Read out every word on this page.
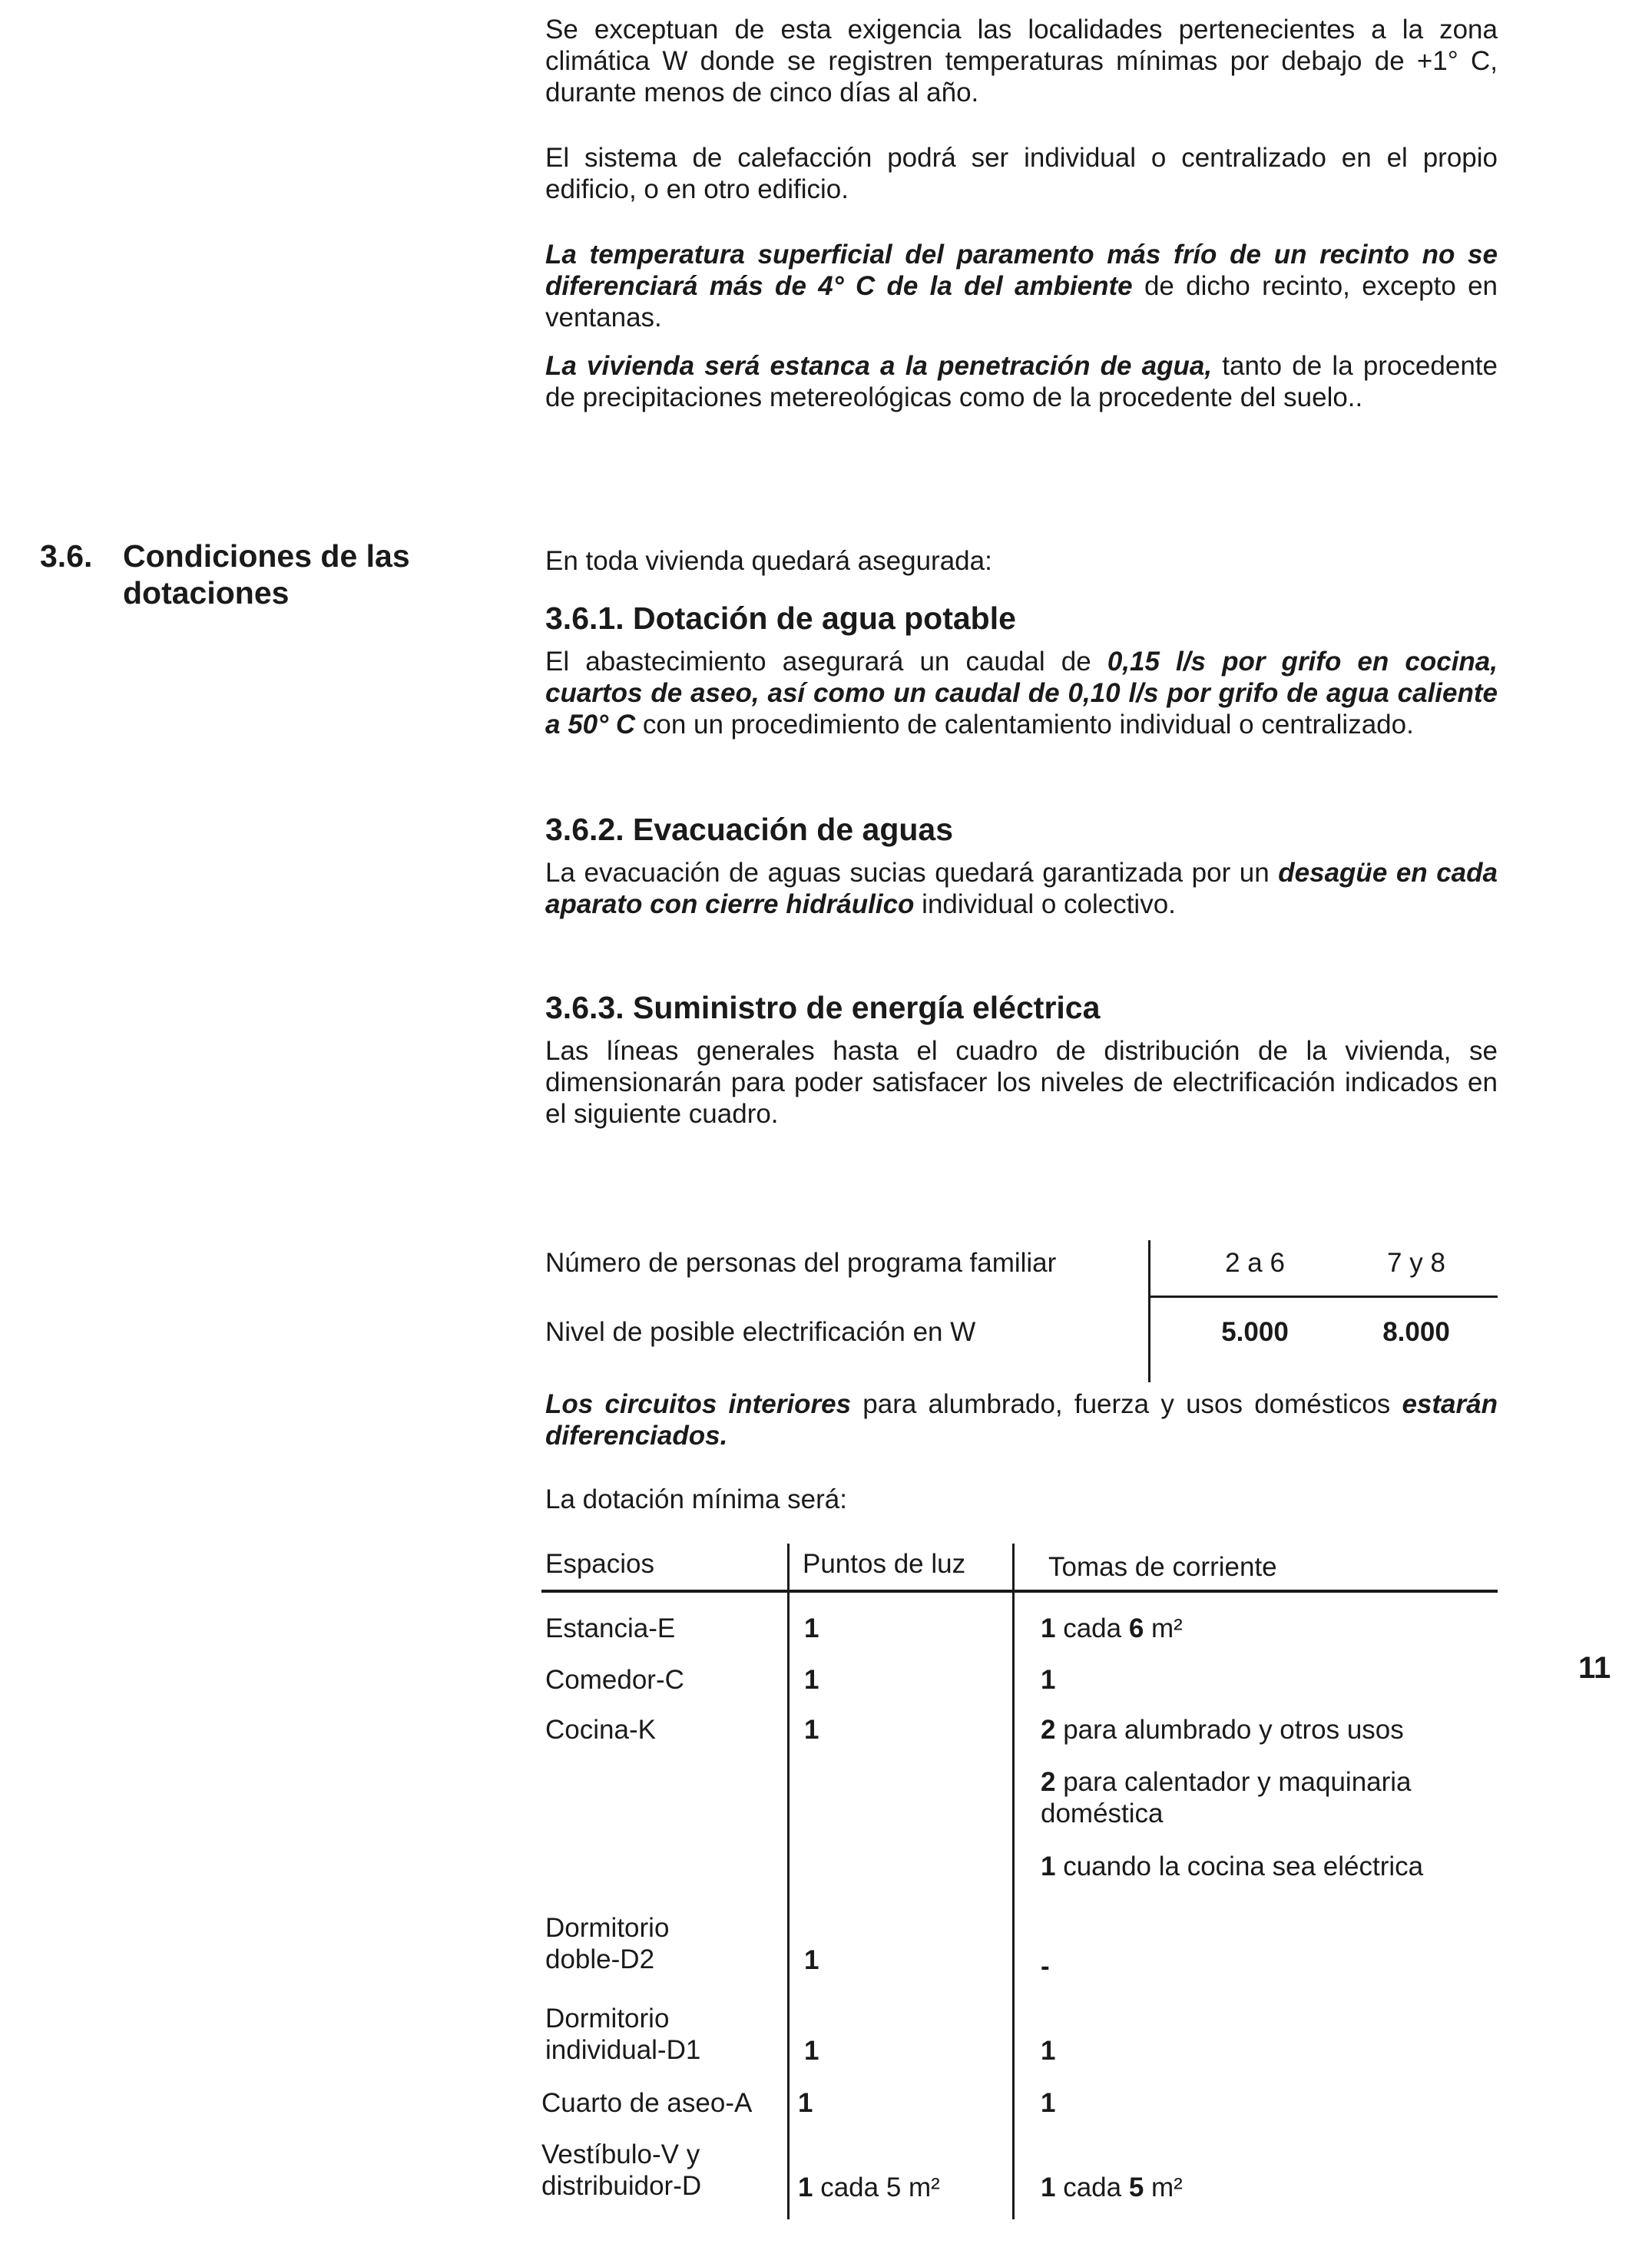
Se exceptuan de esta exigencia las localidades pertenecientes a la zona climática W donde se registren temperaturas mínimas por debajo de +1° C, durante menos de cinco días al año.

El sistema de calefacción podrá ser individual o centralizado en el propio edificio, o en otro edificio.

La temperatura superficial del paramento más frío de un recinto no se diferenciará más de 4° C de la del ambiente de dicho recinto, excepto en ventanas.

La vivienda será estanca a la penetración de agua, tanto de la procedente de precipitaciones metereológicas como de la procedente del suelo..

3.6. Condiciones de las dotaciones

En toda vivienda quedará asegurada:

3.6.1. Dotación de agua potable

El abastecimiento asegurará un caudal de 0,15 l/s por grifo en cocina, cuartos de aseo, así como un caudal de 0,10 l/s por grifo de agua caliente a 50° C con un procedimiento de calentamiento individual o centralizado.

3.6.2. Evacuación de aguas

La evacuación de aguas sucias quedará garantizada por un desagüe en cada aparato con cierre hidráulico individual o colectivo.

3.6.3. Suministro de energía eléctrica

Las líneas generales hasta el cuadro de distribución de la vivienda, se dimensionarán para poder satisfacer los niveles de electrificación indicados en el siguiente cuadro.

Número de personas del programa familiar	2 a 6	7 y 8
Nivel de posible electrificación en W	5.000	8.000

Los circuitos interiores para alumbrado, fuerza y usos domésticos estarán diferenciados.

La dotación mínima será:

Espacios	Puntos de luz	Tomas de corriente
Estancia-E	1	1 cada 6 m²
Comedor-C	1	1
Cocina-K	1	2 para alumbrado y otros usos
2 para calentador y maquinaria doméstica
1 cuando la cocina sea eléctrica
Dormitorio
doble-D2	1	-
Dormitorio
individual-D1	1	1
Cuarto de aseo-A 1	1
Vestíbulo-V y
distribuidor-D	1 cada 5 m²	1 cada 5 m²
11
